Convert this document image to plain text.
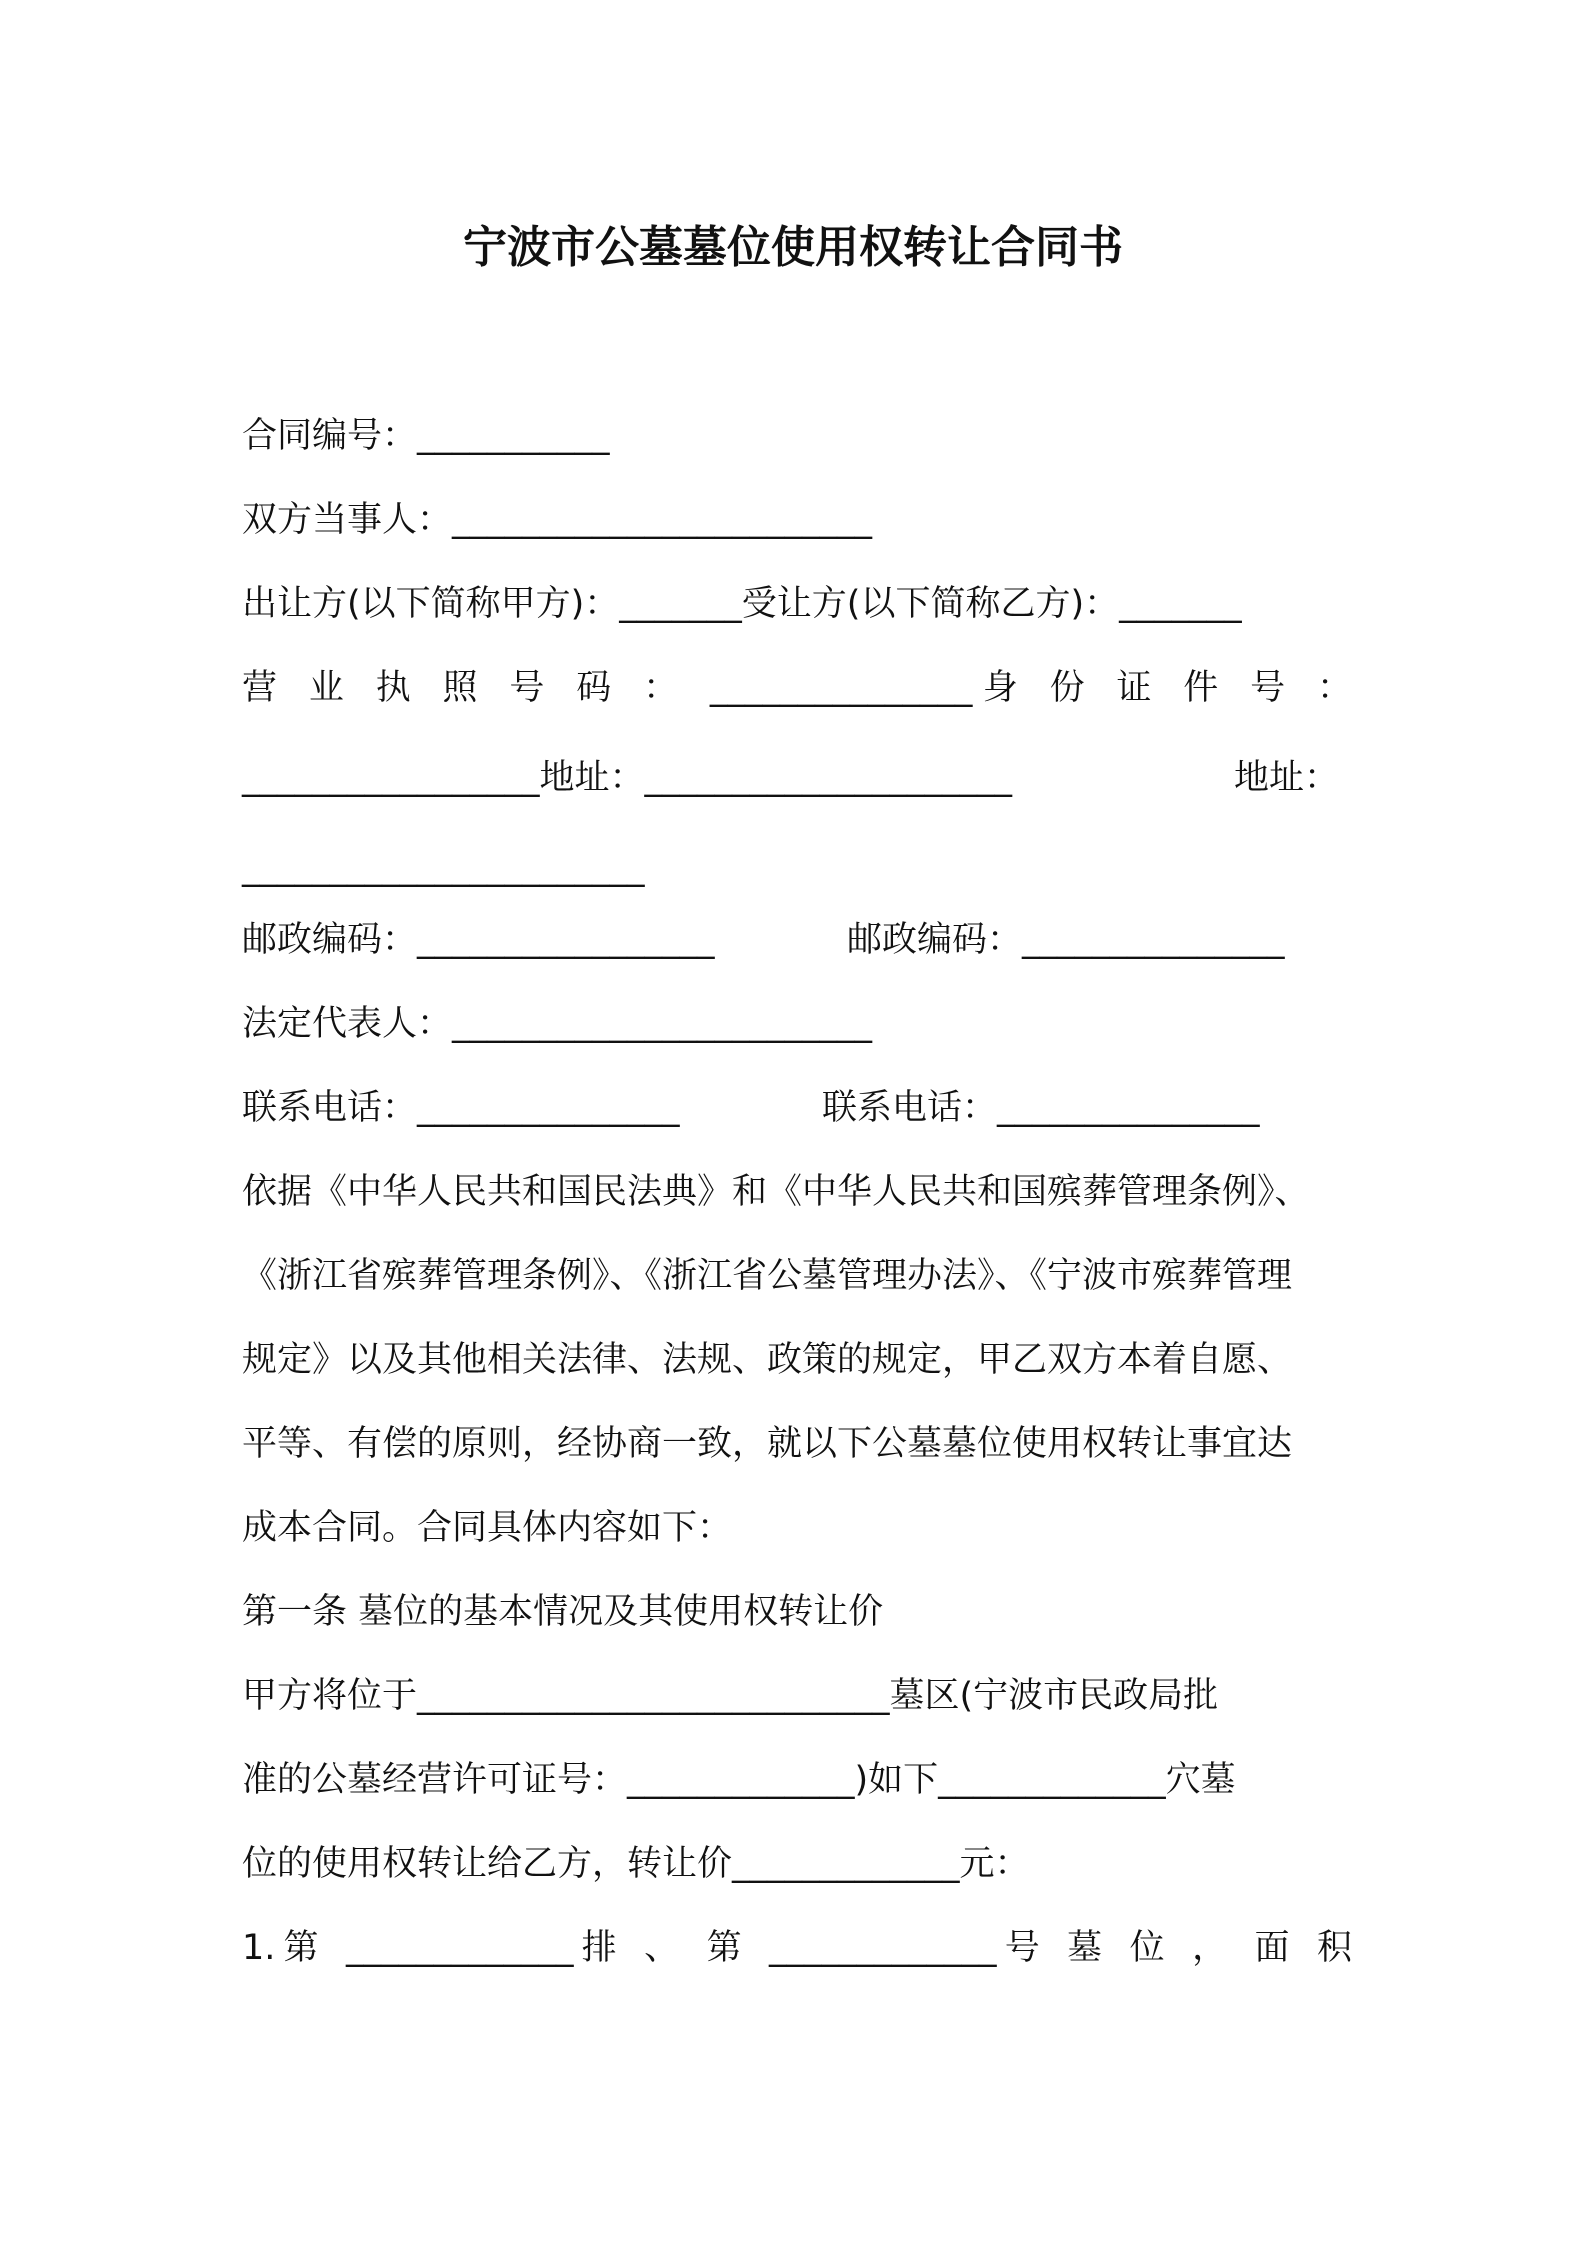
宁波市公墓墓位使用权转让合同书
合同编号：___________
双方当事人：________________________
出让方(以下简称甲方)：_______受让方(以下简称乙方)：_______
营 业 执 照 号 码 ： _______________身 份 证 件 号 ：
_________________地址：_____________________	地址：
_______________________
邮政编码：_________________	邮政编码：_______________
法定代表人：________________________
联系电话：_______________	联系电话：_______________
依据《中华人民共和国民法典》和《中华人民共和国殡葬管理条例》、
《浙江省殡葬管理条例》、《浙江省公墓管理办法》、《宁波市殡葬管理
规定》以及其他相关法律、法规、政策的规定，甲乙双方本着自愿、
平等、有偿的原则，经协商一致，就以下公墓墓位使用权转让事宜达
成本合同。合同具体内容如下：
第一条 墓位的基本情况及其使用权转让价
甲方将位于___________________________墓区(宁波市民政局批
准的公墓经营许可证号：_____________)如下_____________穴墓
位的使用权转让给乙方，转让价_____________元：
1.第 _____________排 、 第 _____________号 墓 位 ， 面 积
